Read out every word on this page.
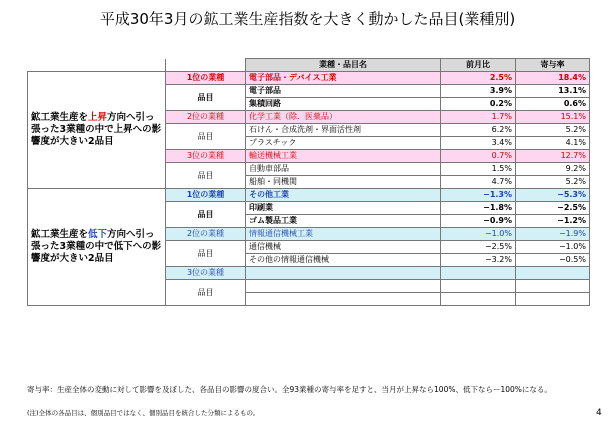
平成30年3月の鉱工業生産指数を大きく動かした品目(業種別)
		業種・品目名	前月比	寄与率
鉱工業生産を上昇方向へ引っ張った3業種の中で上昇への影響度が大きい2品目	1位の業種	電子部品・デバイス工業	2.5%	18.4%
	品目	電子部品	3.9%	13.1%
		集積回路	0.2%	0.6%
	2位の業種	化学工業（除．医薬品）	1.7%	15.1%
	品目	石けん・合成洗剤・界面活性剤	6.2%	5.2%
		プラスチック	3.4%	4.1%
	3位の業種	輸送機械工業	0.7%	12.7%
	品目	自動車部品	1.5%	9.2%
		船舶・同機関	4.7%	5.2%
鉱工業生産を低下方向へ引っ張った3業種の中で低下への影響度が大きい2品目	1位の業種	その他工業	−1.3%	−5.3%
	品目	印刷業	−1.8%	−2.5%
		ゴム製品工業	−0.9%	−1.2%
	2位の業種	情報通信機械工業	−1.0%	−1.9%
	品目	通信機械	−2.5%	−1.0%
		その他の情報通信機械	−3.2%	−0.5%
	3位の業種			
	品目			

寄与率：生産全体の変動に対して影響を及ぼした、各品目の影響の度合い。全93業種の寄与率を足すと、当月が上昇なら100%、低下ならー100%になる。
(注)全体の各品目は、個別品目ではなく、個別品目を統合した分類によるもの。	4
